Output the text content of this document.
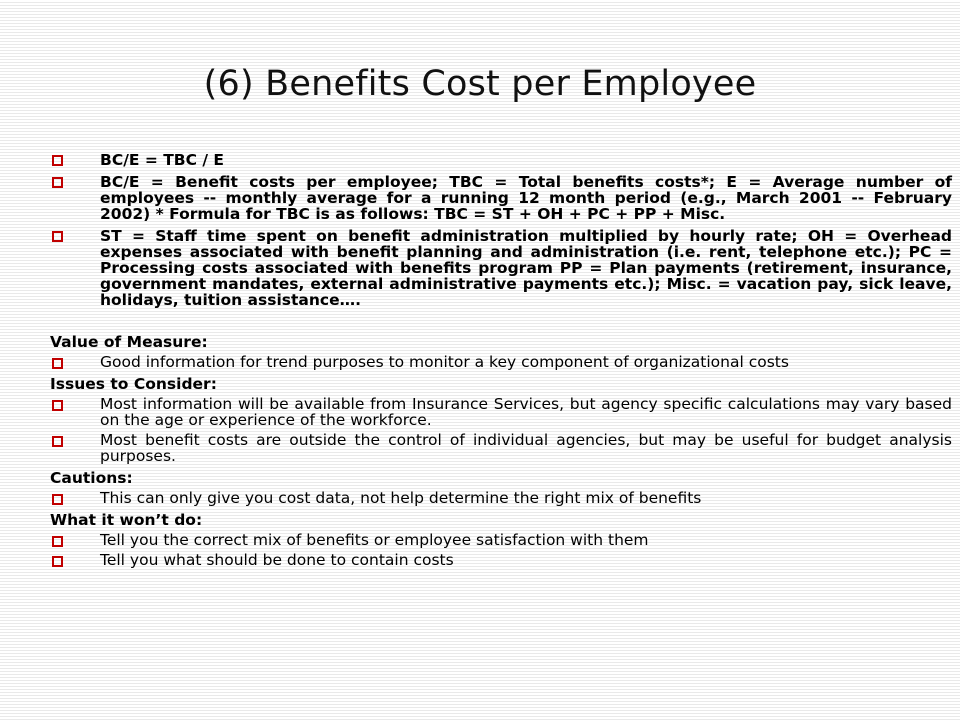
(6) Benefits Cost per Employee
BC/E = TBC / E
BC/E = Benefit costs per employee; TBC = Total benefits costs*; E = Average number of employees -- monthly average for a running 12 month period (e.g., March 2001 -- February 2002) * Formula for TBC is as follows: TBC = ST + OH + PC + PP + Misc.
ST = Staff time spent on benefit administration multiplied by hourly rate; OH = Overhead expenses associated with benefit planning and administration (i.e. rent, telephone etc.); PC = Processing costs associated with benefits program PP = Plan payments (retirement, insurance, government mandates, external administrative payments etc.); Misc. = vacation pay, sick leave, holidays, tuition assistance….
Value of Measure:
Good information for trend purposes to monitor a key component of organizational costs
Issues to Consider:
Most information will be available from Insurance Services, but agency specific calculations may vary based on the age or experience of the workforce.
Most benefit costs are outside the control of individual agencies, but may be useful for budget analysis purposes.
Cautions:
This can only give you cost data, not help determine the right mix of benefits
What it won’t do:
Tell you the correct mix of benefits or employee satisfaction with them
Tell you what should be done to contain costs
